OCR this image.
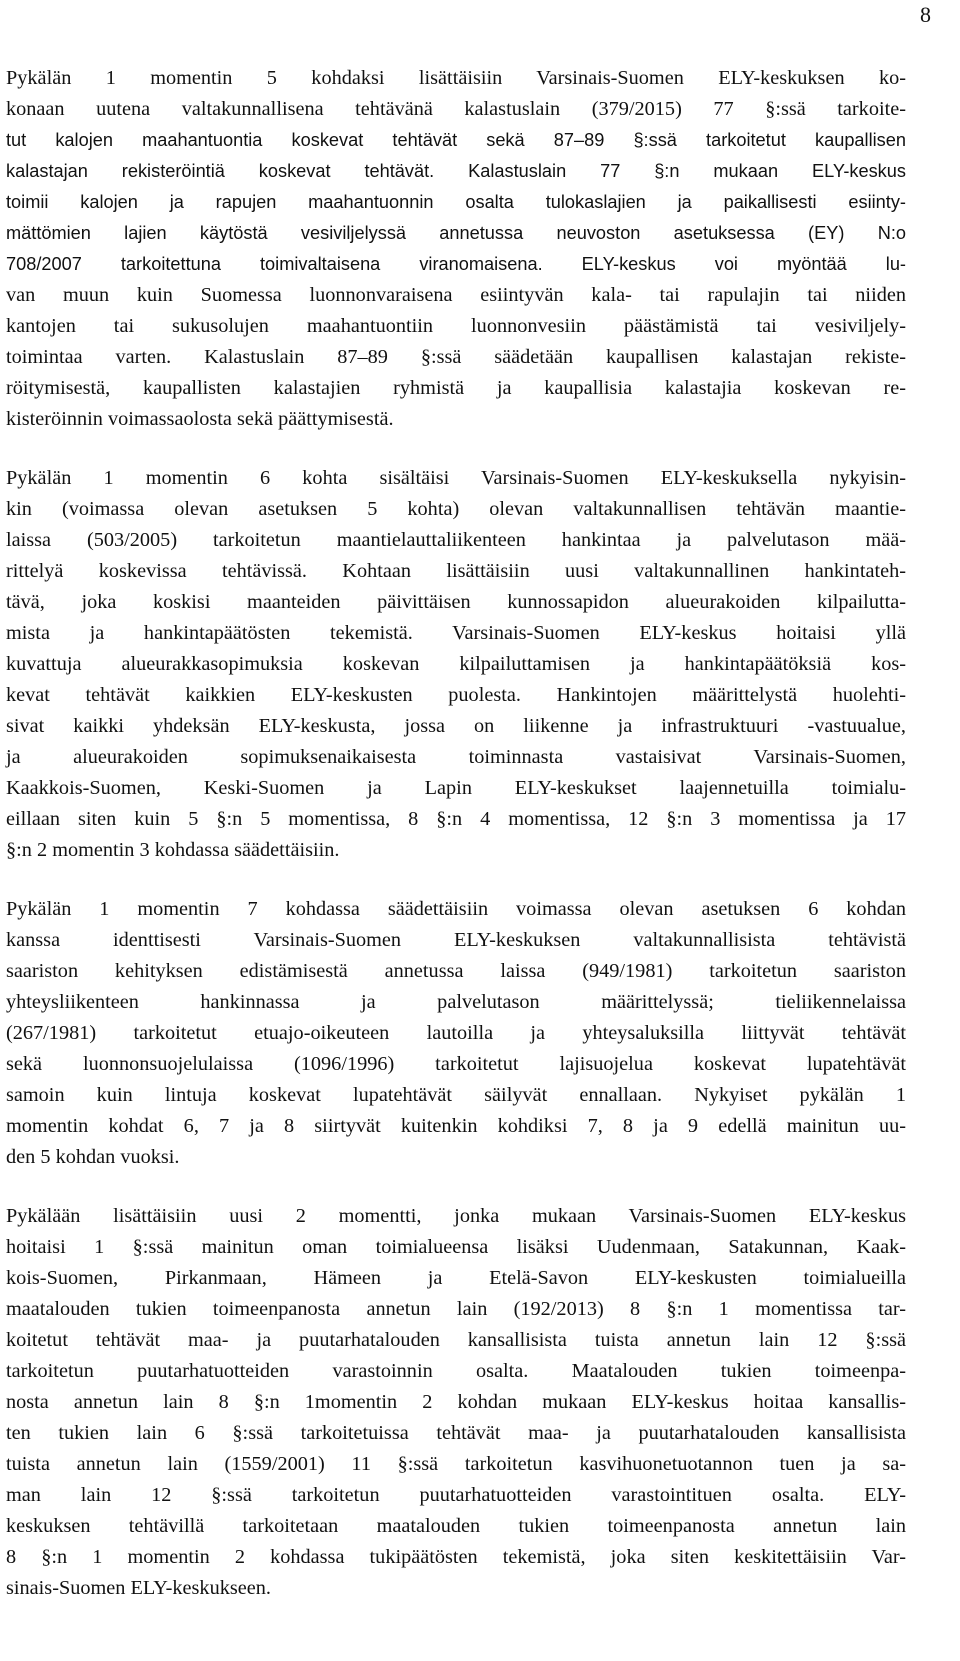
8
Pykälän 1 momentin 5 kohdaksi lisättäisiin Varsinais-Suomen ELY-keskuksen ko-
konaan uutena valtakunnallisena tehtävänä kalastuslain (379/2015) 77 §:ssä tarkoite-
tut kalojen maahantuontia koskevat tehtävät sekä 87–89 §:ssä tarkoitetut kaupallisen
kalastajan rekisteröintiä koskevat tehtävät. Kalastuslain 77 §:n mukaan ELY-keskus
toimii kalojen ja rapujen maahantuonnin osalta tulokaslajien ja paikallisesti esiinty-
mättömien lajien käytöstä vesiviljelyssä annetussa neuvoston asetuksessa (EY) N:o
708/2007 tarkoitettuna toimivaltaisena viranomaisena. ELY-keskus voi myöntää lu-
van muun kuin Suomessa luonnonvaraisena esiintyvän kala- tai rapulajin tai niiden
kantojen tai sukusolujen maahantuontiin luonnonvesiin päästämistä tai vesiviljely-
toimintaa varten. Kalastuslain 87–89 §:ssä säädetään kaupallisen kalastajan rekiste-
röitymisestä, kaupallisten kalastajien ryhmistä ja kaupallisia kalastajia koskevan re-
kisteröinnin voimassaolosta sekä päättymisestä.
Pykälän 1 momentin 6 kohta sisältäisi Varsinais-Suomen ELY-keskuksella nykyisin-
kin (voimassa olevan asetuksen 5 kohta) olevan valtakunnallisen tehtävän maantie-
laissa (503/2005) tarkoitetun maantielauttaliikenteen hankintaa ja palvelutason mää-
rittelyä koskevissa tehtävissä. Kohtaan lisättäisiin uusi valtakunnallinen hankintateh-
tävä, joka koskisi maanteiden päivittäisen kunnossapidon alueurakoiden kilpailutta-
mista ja hankintapäätösten tekemistä. Varsinais-Suomen ELY-keskus hoitaisi yllä
kuvattuja alueurakkasopimuksia koskevan kilpailuttamisen ja hankintapäätöksiä kos-
kevat tehtävät kaikkien ELY-keskusten puolesta. Hankintojen määrittelystä huolehti-
sivat kaikki yhdeksän ELY-keskusta, jossa on liikenne ja infrastruktuuri -vastuualue,
ja alueurakoiden sopimuksenaikaisesta toiminnasta vastaisivat Varsinais-Suomen,
Kaakkois-Suomen, Keski-Suomen ja Lapin ELY-keskukset laajennetuilla toimialu-
eillaan siten kuin 5 §:n 5 momentissa, 8 §:n 4 momentissa, 12 §:n 3 momentissa ja 17
§:n 2 momentin 3 kohdassa säädettäisiin.
Pykälän 1 momentin 7 kohdassa säädettäisiin voimassa olevan asetuksen 6 kohdan
kanssa identtisesti Varsinais-Suomen ELY-keskuksen valtakunnallisista tehtävistä
saariston kehityksen edistämisestä annetussa laissa (949/1981) tarkoitetun saariston
yhteysliikenteen hankinnassa ja palvelutason määrittelyssä; tieliikennelaissa
(267/1981) tarkoitetut etuajo-oikeuteen lautoilla ja yhteysaluksilla liittyvät tehtävät
sekä luonnonsuojelulaissa (1096/1996) tarkoitetut lajisuojelua koskevat lupatehtävät
samoin kuin lintuja koskevat lupatehtävät säilyvät ennallaan. Nykyiset pykälän 1
momentin kohdat 6, 7 ja 8 siirtyvät kuitenkin kohdiksi 7, 8 ja 9 edellä mainitun uu-
den 5 kohdan vuoksi.
Pykälään lisättäisiin uusi 2 momentti, jonka mukaan Varsinais-Suomen ELY-keskus
hoitaisi 1 §:ssä mainitun oman toimialueensa lisäksi Uudenmaan, Satakunnan, Kaak-
kois-Suomen, Pirkanmaan, Hämeen ja Etelä-Savon ELY-keskusten toimialueilla
maatalouden tukien toimeenpanosta annetun lain (192/2013) 8 §:n 1 momentissa tar-
koitetut tehtävät maa- ja puutarhatalouden kansallisista tuista annetun lain 12 §:ssä
tarkoitetun puutarhatuotteiden varastoinnin osalta. Maatalouden tukien toimeenpa-
nosta annetun lain 8 §:n 1momentin 2 kohdan mukaan ELY-keskus hoitaa kansallis-
ten tukien lain 6 §:ssä tarkoitetuissa tehtävät maa- ja puutarhatalouden kansallisista
tuista annetun lain (1559/2001) 11 §:ssä tarkoitetun kasvihuonetuotannon tuen ja sa-
man lain 12 §:ssä tarkoitetun puutarhatuotteiden varastointituen osalta. ELY-
keskuksen tehtävillä tarkoitetaan maatalouden tukien toimeenpanosta annetun lain
8 §:n 1 momentin 2 kohdassa tukipäätösten tekemistä, joka siten keskitettäisiin Var-
sinais-Suomen ELY-keskukseen.
